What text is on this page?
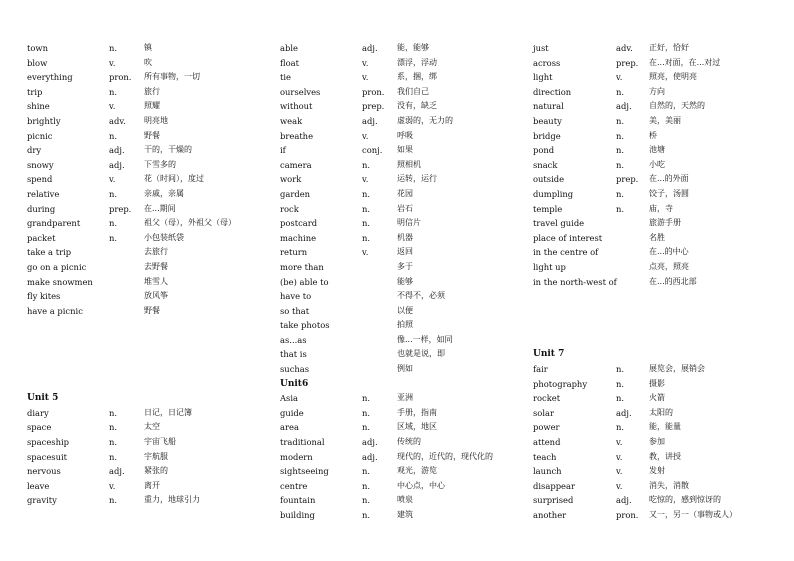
town	n.	镇
blow	v.	吹
everything	pron. 所有事物，一切
trip	n.	旅行
shine	v.	照耀
brightly	adv. 明亮地
picnic	n.	野餐
dry	adj. 干的，干燥的
snowy	adj. 下雪多的
spend	v.	花（时间），度过
relative	n.	亲戚，亲属
during	prep. 在...期间
grandparent	n.	祖父（母），外祖父（母）
packet	n.	小包装纸袋
take a trip	去旅行
go on a picnic	去野餐
make snowmen	堆雪人
fly kites	放风筝
have a picnic	野餐
Unit 5
diary	n.	日记，日记簿
space	n.	太空
spaceship	n.	宇宙飞船
spacesuit	n.	宇航服
nervous	adj. 紧张的
leave	v.	离开
gravity	n.	重力，地球引力
able	adj. 能，能够
float	v.	漂浮，浮动
tie	v.	系，捆，绑
ourselves	pron. 我们自己
without	prep. 没有，缺乏
weak	adj. 虚弱的，无力的
breathe	v.	呼吸
if	conj. 如果
camera	n.	照相机
work	v.	运转，运行
garden	n.	花园
rock	n.	岩石
postcard	n.	明信片
machine	n.	机器
return	v.	返回
more than	多于
(be) able to	能够
have to	不得不，必须
so that	以便
take photos	拍照
as...as	像...一样，如同
that is	也就是说，即
suchas	例如
Unit6
Asia	n.	亚洲
guide	n.	手册，指南
area	n.	区域，地区
traditional	adj. 传统的
modern	adj. 现代的，近代的，现代化的
sightseeing	n.	观光，游览
centre	n.	中心点，中心
fountain	n.	喷泉
building	n.	建筑
just	adv. 正好，恰好
across	prep. 在...对面，在...对过
light	v.	照亮，使明亮
direction	n.	方向
natural	adj. 自然的，天然的
beauty	n.	美，美丽
bridge	n.	桥
pond	n.	池塘
snack	n.	小吃
outside	prep. 在...的外面
dumpling	n.	饺子，汤圆
temple	n.	庙，寺
travel guide	旅游手册
place of interest	名胜
in the centre of	在...的中心
light up	点亮，照亮
in the north-west of	在...的西北部
Unit 7
fair	n.	展览会，展销会
photography	n.	摄影
rocket	n.	火箭
solar	adj. 太阳的
power	n.	能，能量
attend	v.	参加
teach	v.	教，讲授
launch	v.	发射
disappear	v.	消失，消散
surprised	adj. 吃惊的，感到惊讶的
another	pron. 又一，另一（事物或人）
